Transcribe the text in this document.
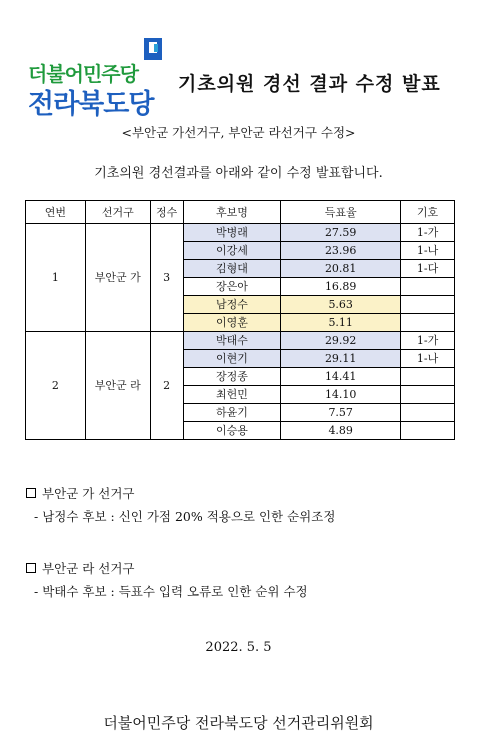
더불어민주당
전라북도당
기초의원 경선 결과 수정 발표
<부안군 가선거구, 부안군 라선거구 수정>
기초의원 경선결과를 아래와 같이 수정 발표합니다.
연번	선거구	정수	후보명	득표율	기호
1	부안군 가	3	박병래	27.59	1-가
			이강세	23.96	1-나
			김형대	20.81	1-다
			장은아	16.89	
			남정수	5.63	
			이영훈	5.11	
2	부안군 라	2	박태수	29.92	1-가
			이현기	29.11	1-나
			장정종	14.41	
			최헌민	14.10	
			하윤기	7.57	
			이승용	4.89	
부안군 가 선거구
- 남정수 후보 : 신인 가점 20% 적용으로 인한 순위조정
부안군 라 선거구
- 박태수 후보 : 득표수 입력 오류로 인한 순위 수정
2022. 5. 5
더불어민주당 전라북도당 선거관리위원회
